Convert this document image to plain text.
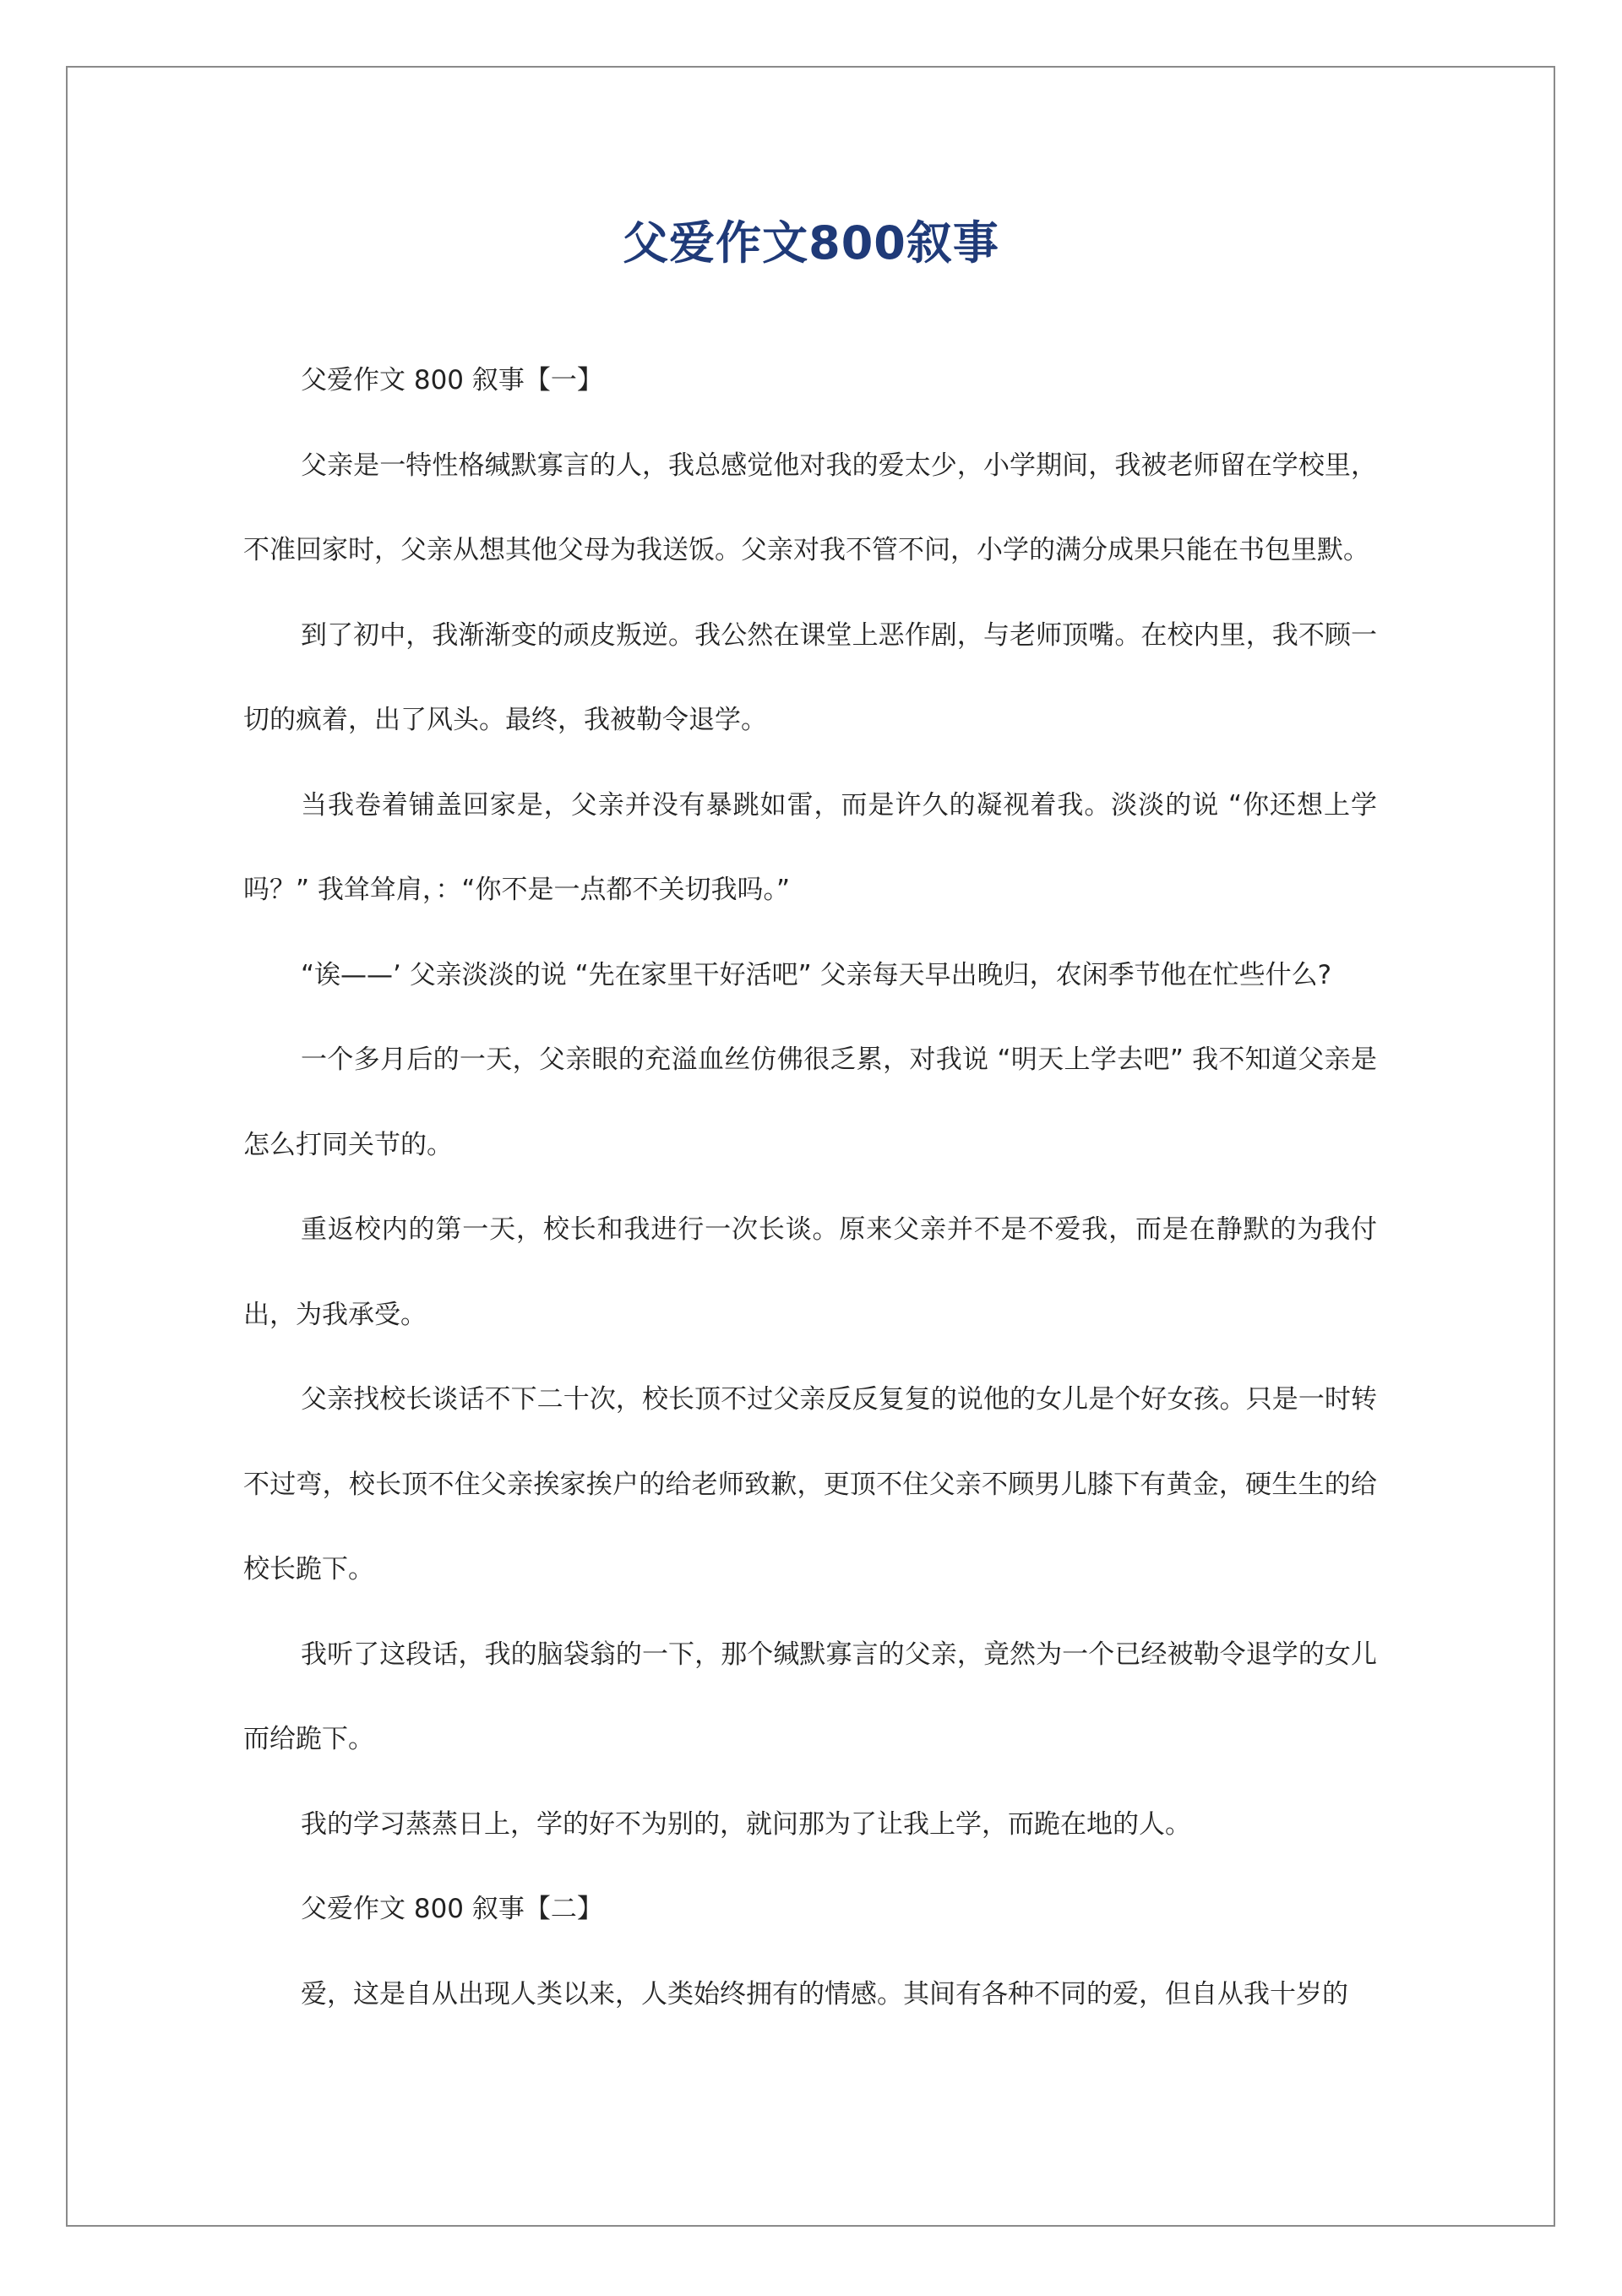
父爱作文800叙事

父爱作文 800 叙事【一】

父亲是一特性格缄默寡言的人，我总感觉他对我的爱太少，小学期间，我被老师留在学校里，不准回家时，父亲从想其他父母为我送饭。父亲对我不管不问，小学的满分成果只能在书包里默。

到了初中，我渐渐变的顽皮叛逆。我公然在课堂上恶作剧，与老师顶嘴。在校内里，我不顾一切的疯着，出了风头。最终，我被勒令退学。

当我卷着铺盖回家是，父亲并没有暴跳如雷，而是许久的凝视着我。淡淡的说 “你还想上学吗？” 我耸耸肩，：“你不是一点都不关切我吗。”

“诶——’ 父亲淡淡的说 “先在家里干好活吧” 父亲每天早出晚归，农闲季节他在忙些什么?

一个多月后的一天，父亲眼的充溢血丝仿佛很乏累，对我说 “明天上学去吧” 我不知道父亲是怎么打同关节的。

重返校内的第一天，校长和我进行一次长谈。原来父亲并不是不爱我，而是在静默的为我付出，为我承受。

父亲找校长谈话不下二十次，校长顶不过父亲反反复复的说他的女儿是个好女孩。只是一时转不过弯，校长顶不住父亲挨家挨户的给老师致歉，更顶不住父亲不顾男儿膝下有黄金，硬生生的给校长跪下。

我听了这段话，我的脑袋翁的一下，那个缄默寡言的父亲，竟然为一个已经被勒令退学的女儿而给跪下。

我的学习蒸蒸日上，学的好不为别的，就问那为了让我上学，而跪在地的人。

父爱作文 800 叙事【二】

爱，这是自从出现人类以来，人类始终拥有的情感。其间有各种不同的爱，但自从我十岁的
